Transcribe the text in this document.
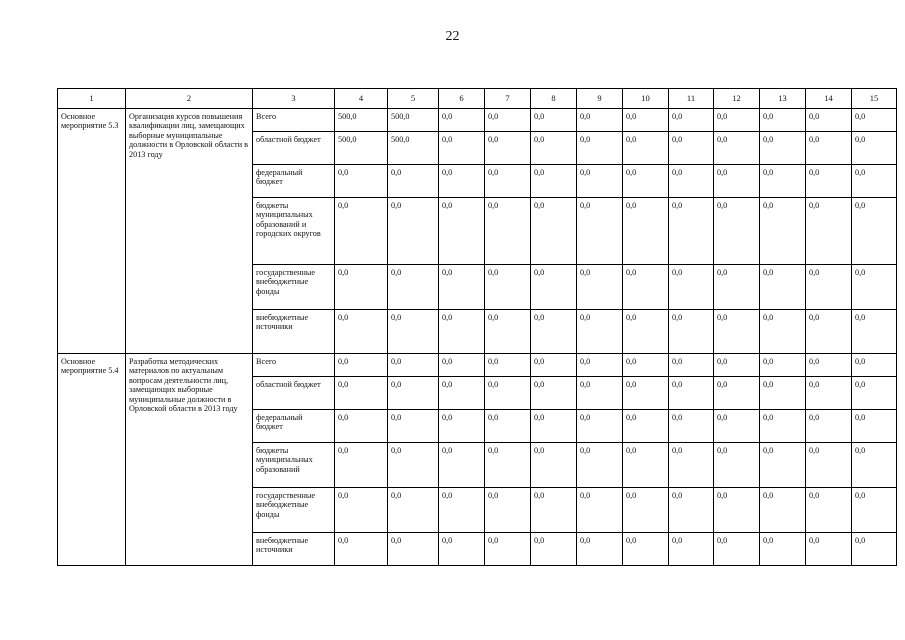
22
1	2	3	4	5	6	7	8	9	10	11	12	13	14	15
Основное мероприятие 5.3	Организация курсов повышения квалификации лиц, замещающих выборные муниципальные должности в Орловской области в 2013 году	Всего	500,0	500,0	0,0	0,0	0,0	0,0	0,0	0,0	0,0	0,0	0,0	0,0
		областной бюджет	500,0	500,0	0,0	0,0	0,0	0,0	0,0	0,0	0,0	0,0	0,0	0,0
		федеральный бюджет	0,0	0,0	0,0	0,0	0,0	0,0	0,0	0,0	0,0	0,0	0,0	0,0
		бюджеты муниципальных образований и городских округов	0,0	0,0	0,0	0,0	0,0	0,0	0,0	0,0	0,0	0,0	0,0	0,0
		государственные внебюджетные фонды	0,0	0,0	0,0	0,0	0,0	0,0	0,0	0,0	0,0	0,0	0,0	0,0
		внебюджетные источники	0,0	0,0	0,0	0,0	0,0	0,0	0,0	0,0	0,0	0,0	0,0	0,0
Основное мероприятие 5.4	Разработка методических материалов по актуальным вопросам деятельности лиц, замещающих выборные муниципальные должности в Орловской области в 2013 году	Всего	0,0	0,0	0,0	0,0	0,0	0,0	0,0	0,0	0,0	0,0	0,0	0,0
		областной бюджет	0,0	0,0	0,0	0,0	0,0	0,0	0,0	0,0	0,0	0,0	0,0	0,0
		федеральный бюджет	0,0	0,0	0,0	0,0	0,0	0,0	0,0	0,0	0,0	0,0	0,0	0,0
		бюджеты муниципальных образований	0,0	0,0	0,0	0,0	0,0	0,0	0,0	0,0	0,0	0,0	0,0	0,0
		государственные внебюджетные фонды	0,0	0,0	0,0	0,0	0,0	0,0	0,0	0,0	0,0	0,0	0,0	0,0
		внебюджетные источники	0,0	0,0	0,0	0,0	0,0	0,0	0,0	0,0	0,0	0,0	0,0	0,0
